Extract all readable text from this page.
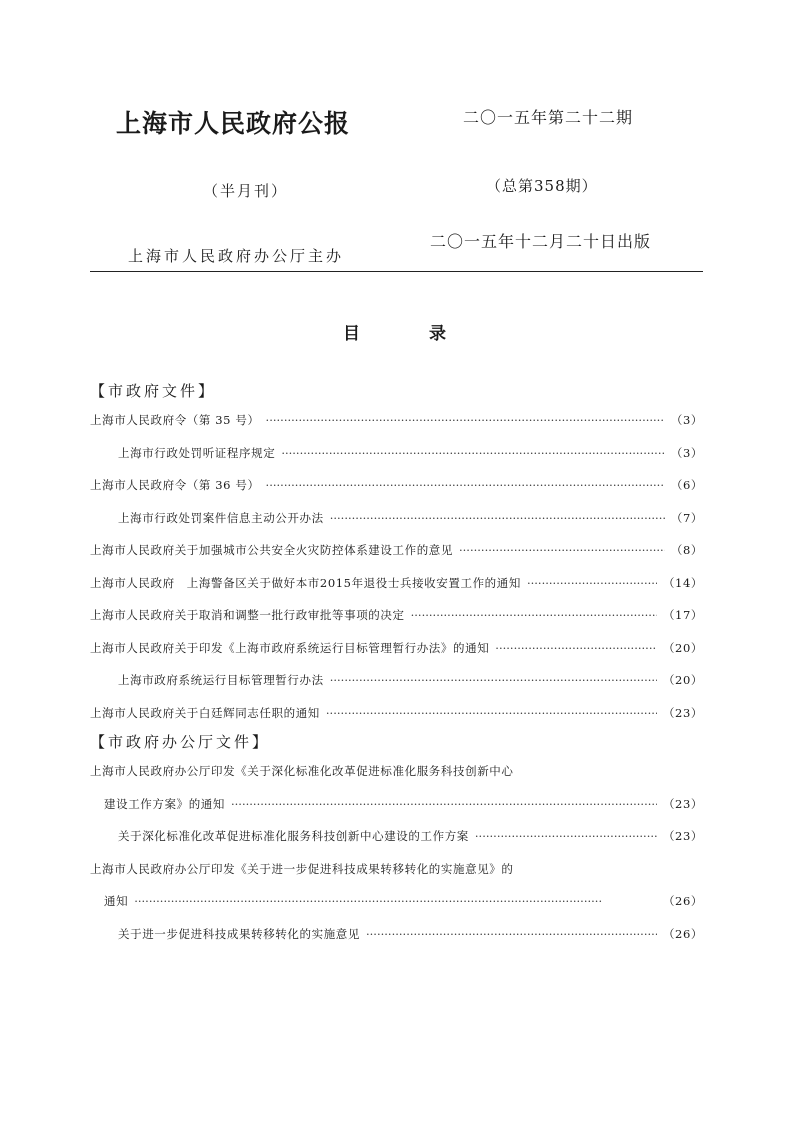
上海市人民政府公报	二〇一五年第二十二期
（半月刊）	（总第358期）
上海市人民政府办公厅主办
二〇一五年十二月二十日出版
目	录
【市政府文件】
上海市人民政府令（第 35 号） ·····	（3）
上海市行政处罚听证程序规定 ·····	（3）
上海市人民政府令（第 36 号） ·····	（6）
上海市行政处罚案件信息主动公开办法 ·····	（7）
上海市人民政府关于加强城市公共安全火灾防控体系建设工作的意见 ·····	（8）
上海市人民政府　上海警备区关于做好本市2015年退役士兵接收安置工作的通知 ·····	（14）
上海市人民政府关于取消和调整一批行政审批等事项的决定 ·····	（17）
上海市人民政府关于印发《上海市政府系统运行目标管理暂行办法》的通知 ·····	（20）
上海市政府系统运行目标管理暂行办法 ·····	（20）
上海市人民政府关于白廷辉同志任职的通知 ·····	（23）
【市政府办公厅文件】
上海市人民政府办公厅印发《关于深化标准化改革促进标准化服务科技创新中心
建设工作方案》的通知 ·····	（23）
关于深化标准化改革促进标准化服务科技创新中心建设的工作方案 ·····	（23）
上海市人民政府办公厅印发《关于进一步促进科技成果转移转化的实施意见》的
通知 ·····	（26）
关于进一步促进科技成果转移转化的实施意见 ·····	（26）
